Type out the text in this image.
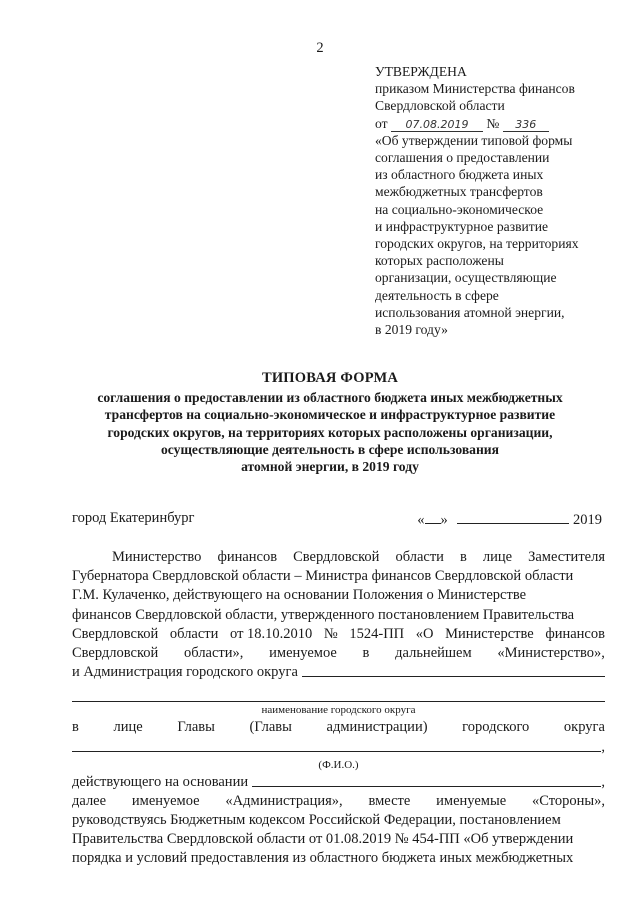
2
УТВЕРЖДЕНА
приказом Министерства финансов
Свердловской области
от 07.08.2019 № 336
«Об утверждении типовой формы
соглашения о предоставлении
из областного бюджета иных
межбюджетных трансфертов
на социально-экономическое
и инфраструктурное развитие
городских округов, на территориях
которых расположены
организации, осуществляющие
деятельность в сфере
использования атомной энергии,
в 2019 году»
ТИПОВАЯ ФОРМА
соглашения о предоставлении из областного бюджета иных межбюджетных
трансфертов на социально-экономическое и инфраструктурное развитие
городских округов, на территориях которых расположены организации,
осуществляющие деятельность в сфере использования
атомной энергии, в 2019 году
город Екатеринбург	« »	2019
Министерство финансов Свердловской области в лице Заместителя
Губернатора Свердловской области – Министра финансов Свердловской области
Г.М. Кулаченко, действующего на основании Положения о Министерстве
финансов Свердловской области, утвержденного постановлением Правительства
Свердловской области от 18.10.2010 № 1524-ПП «О Министерстве финансов
Свердловской области», именуемое в дальнейшем «Министерство»,
и Администрация городского округа
наименование городского округа
в лице Главы (Главы администрации) городского округа
,
(Ф.И.О.)
действующего на основании	,
далее именуемое «Администрация», вместе именуемые «Стороны»,
руководствуясь Бюджетным кодексом Российской Федерации, постановлением
Правительства Свердловской области от 01.08.2019 № 454-ПП «Об утверждении
порядка и условий предоставления из областного бюджета иных межбюджетных
